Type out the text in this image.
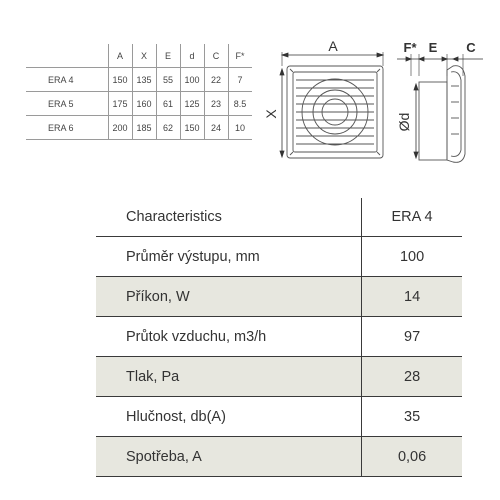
	A	X	E	d	C	F*
ERA 4	150	135	55	100	22	7
ERA 5	175	160	61	125	23	8.5
ERA 6	200	185	62	150	24	10
A
X
F* E C
Ød
Characteristics	ERA 4
Průměr výstupu, mm	100
Příkon, W	14
Průtok vzduchu, m3/h	97
Tlak, Pa	28
Hlučnost, db(A)	35
Spotřeba, A	0,06
